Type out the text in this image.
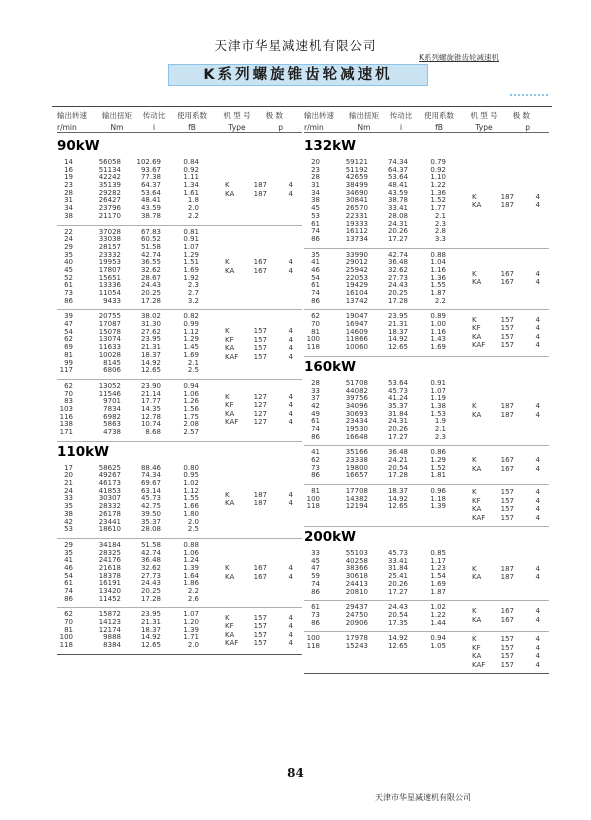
天津市华星减速机有限公司
K系列螺旋锥齿轮减速机
K系列螺旋锥齿轮减速机
输出转速	输出扭矩	传动比	使用系数	机 型 号	极 数
r/min	Nm	i	fB	Type	p
90kW
14	56058	102.69	0.84
16	51134	93.67	0.92
19	42242	77.38	1.11
23	35139	64.37	1.34
28	29282	53.64	1.61
31	26427	48.41	1.8
34	23796	43.59	2.0
38	21170	38.78	2.2
K	187	4
KA	187	4
22	37028	67.83	0.81
24	33038	60.52	0.91
29	28157	51.58	1.07
35	23332	42.74	1.29
40	19953	36.55	1.51
45	17807	32.62	1.69
52	15651	28.67	1.92
61	13336	24.43	2.3
73	11054	20.25	2.7
86	9433	17.28	3.2
K	167	4
KA	167	4
39	20755	38.02	0.82
47	17087	31.30	0.99
54	15078	27.62	1.12
62	13074	23.95	1.29
69	11633	21.31	1.45
81	10028	18.37	1.69
99	8145	14.92	2.1
117	6806	12.65	2.5
K	157	4
KF	157	4
KA	157	4
KAF	157	4
62	13052	23.90	0.94
70	11546	21.14	1.06
83	9701	17.77	1.26
103	7834	14.35	1.56
116	6982	12.78	1.75
138	5863	10.74	2.08
171	4738	8.68	2.57
K	127	4
KF	127	4
KA	127	4
KAF	127	4
110kW
17	58625	88.46	0.80
20	49267	74.34	0.95
21	46173	69.67	1.02
24	41853	63.14	1.12
33	30307	45.73	1.55
35	28332	42.75	1.66
38	26178	39.50	1.80
42	23441	35.37	2.0
53	18610	28.08	2.5
K	187	4
KA	187	4
29	34184	51.58	0.88
35	28325	42.74	1.06
41	24176	36.48	1.24
46	21618	32.62	1.39
54	18378	27.73	1.64
61	16191	24.43	1.86
74	13420	20.25	2.2
86	11452	17.28	2.6
K	167	4
KA	167	4
62	15872	23.95	1.07
70	14123	21.31	1.20
81	12174	18.37	1.39
100	9888	14.92	1.71
118	8384	12.65	2.0
K	157	4
KF	157	4
KA	157	4
KAF	157	4
输出转速	输出扭矩	传动比	使用系数	机 型 号	极 数
r/min	Nm	i	fB	Type	p
132kW
20	59121	74.34	0.79
23	51192	64.37	0.92
28	42659	53.64	1.10
31	38499	48.41	1.22
34	34690	43.59	1.36
38	30841	38.78	1.52
45	26570	33.41	1.77
53	22331	28.08	2.1
61	19333	24.31	2.3
74	16112	20.26	2.8
86	13734	17.27	3.3
K	187	4
KA	187	4
35	33990	42.74	0.88
41	29012	36.48	1.04
46	25942	32.62	1.16
54	22053	27.73	1.36
61	19429	24.43	1.55
74	16104	20.25	1.87
86	13742	17.28	2.2
K	167	4
KA	167	4
62	19047	23.95	0.89
70	16947	21.31	1.00
81	14609	18.37	1.16
100	11866	14.92	1.43
118	10060	12.65	1.69
K	157	4
KF	157	4
KA	157	4
KAF	157	4
160kW
28	51708	53.64	0.91
33	44082	45.73	1.07
37	39756	41.24	1.19
42	34096	35.37	1.38
49	30693	31.84	1.53
61	23434	24.31	1.9
74	19530	20.26	2.1
86	16648	17.27	2.3
K	187	4
KA	187	4
41	35166	36.48	0.86
62	23338	24.21	1.29
73	19800	20.54	1.52
86	16657	17.28	1.81
K	167	4
KA	167	4
81	17708	18.37	0.96
100	14382	14.92	1.18
118	12194	12.65	1.39
K	157	4
KF	157	4
KA	157	4
KAF	157	4
200kW
33	55103	45.73	0.85
45	40258	33.41	1.17
47	38366	31.84	1.23
59	30618	25.41	1.54
74	24413	20.26	1.69
86	20810	17.27	1.87
K	187	4
KA	187	4
61	29437	24.43	1.02
73	24750	20.54	1.22
86	20906	17.35	1.44
K	167	4
KA	167	4
100	17978	14.92	0.94
118	15243	12.65	1.05
K	157	4
KF	157	4
KA	157	4
KAF	157	4
84
天津市华星减速机有限公司
